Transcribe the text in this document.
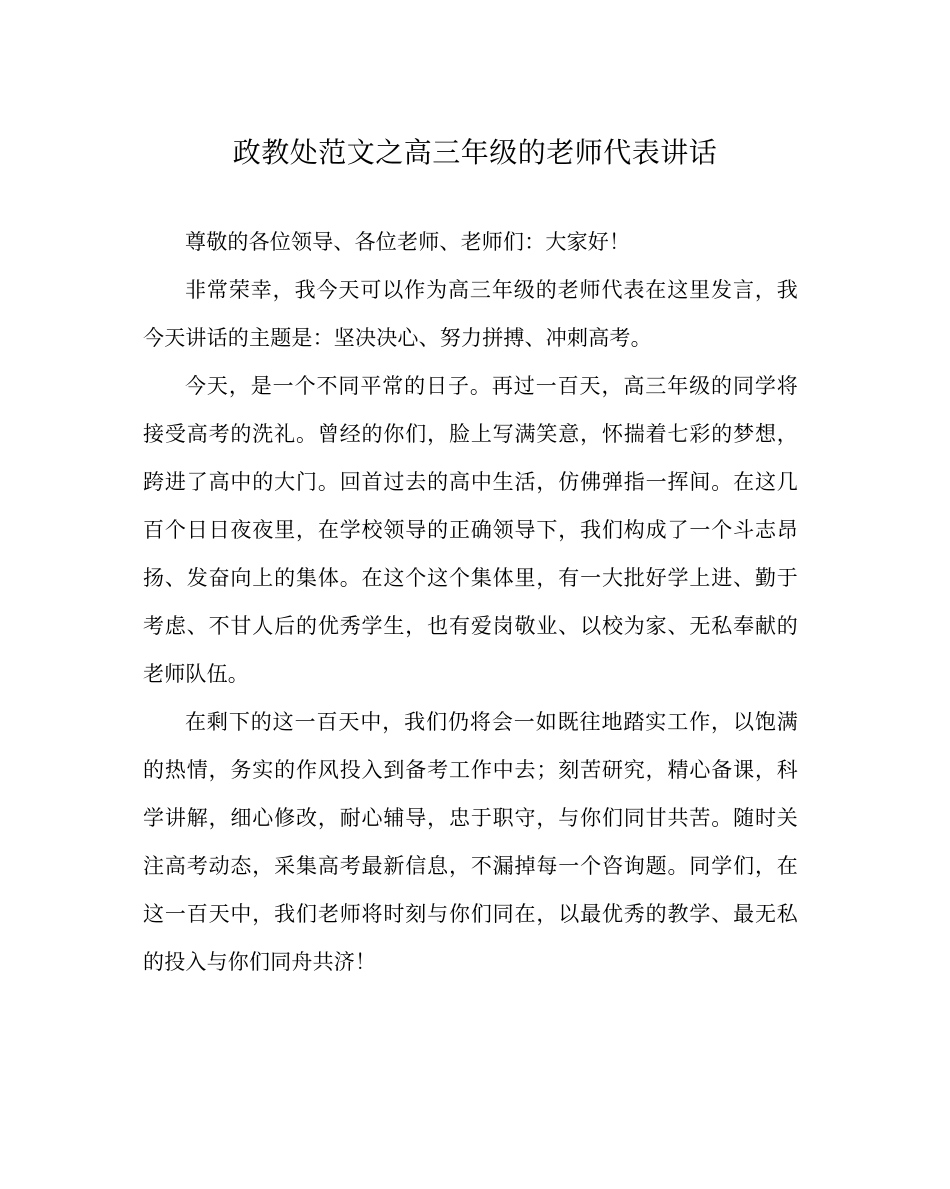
政教处范文之高三年级的老师代表讲话

尊敬的各位领导、各位老师、老师们：大家好！

非常荣幸，我今天可以作为高三年级的老师代表在这里发言，我今天讲话的主题是：坚决决心、努力拼搏、冲刺高考。

今天，是一个不同平常的日子。再过一百天，高三年级的同学将接受高考的洗礼。曾经的你们，脸上写满笑意，怀揣着七彩的梦想，跨进了高中的大门。回首过去的高中生活，仿佛弹指一挥间。在这几百个日日夜夜里，在学校领导的正确领导下，我们构成了一个斗志昂扬、发奋向上的集体。在这个这个集体里，有一大批好学上进、勤于考虑、不甘人后的优秀学生，也有爱岗敬业、以校为家、无私奉献的老师队伍。

在剩下的这一百天中，我们仍将会一如既往地踏实工作，以饱满的热情，务实的作风投入到备考工作中去；刻苦研究，精心备课，科学讲解，细心修改，耐心辅导，忠于职守，与你们同甘共苦。随时关注高考动态，采集高考最新信息，不漏掉每一个咨询题。同学们，在这一百天中，我们老师将时刻与你们同在，以最优秀的教学、最无私的投入与你们同舟共济！
